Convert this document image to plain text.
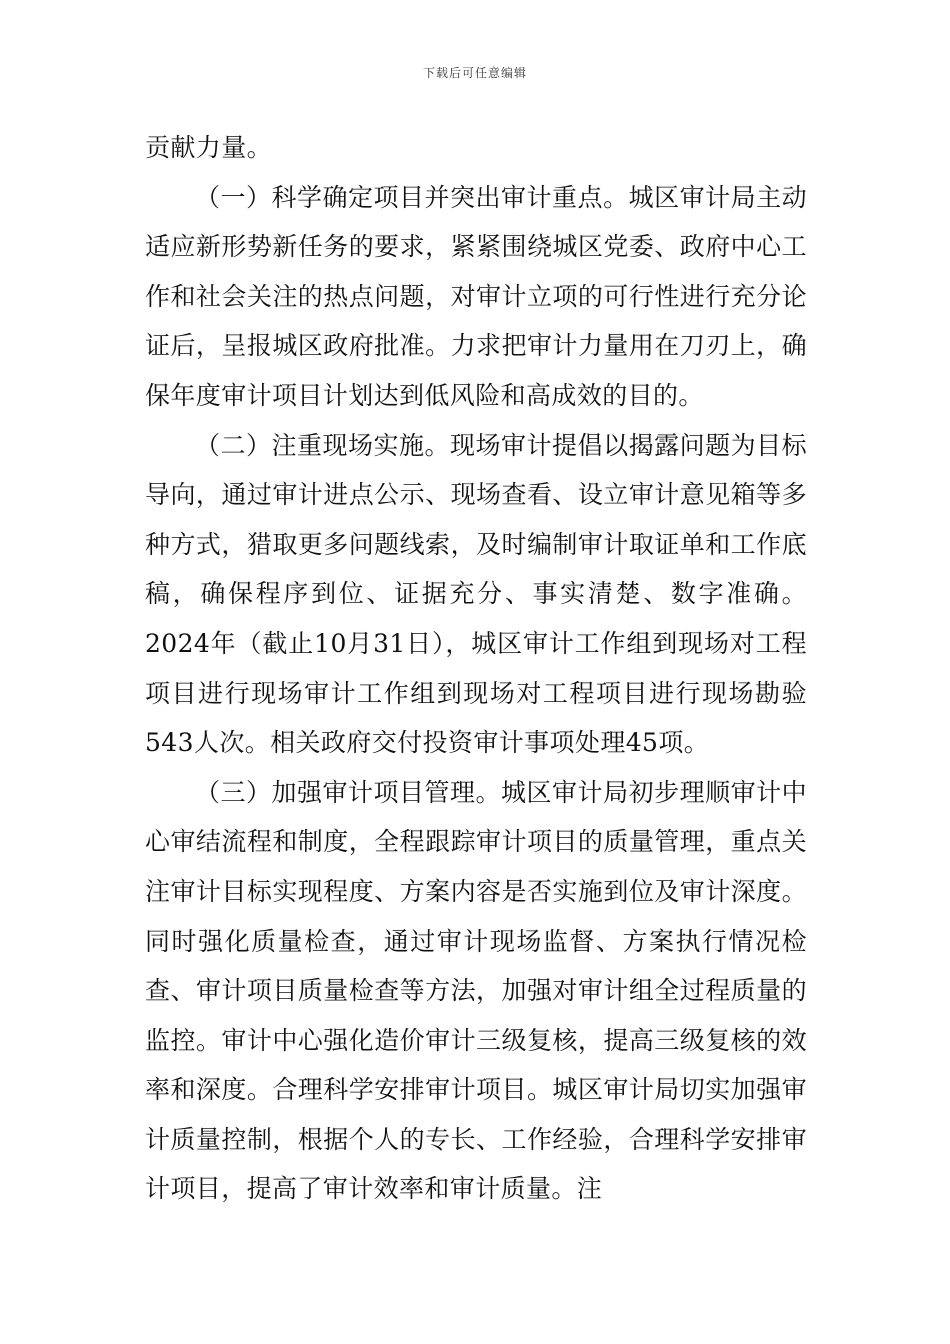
下载后可任意编辑

贡献力量。

（一）科学确定项目并突出审计重点。城区审计局主动适应新形势新任务的要求，紧紧围绕城区党委、政府中心工作和社会关注的热点问题，对审计立项的可行性进行充分论证后，呈报城区政府批准。力求把审计力量用在刀刃上，确保年度审计项目计划达到低风险和高成效的目的。

（二）注重现场实施。现场审计提倡以揭露问题为目标导向，通过审计进点公示、现场查看、设立审计意见箱等多种方式，猎取更多问题线索，及时编制审计取证单和工作底稿，确保程序到位、证据充分、事实清楚、数字准确。2024年（截止10月31日），城区审计工作组到现场对工程项目进行现场审计工作组到现场对工程项目进行现场勘验543人次。相关政府交付投资审计事项处理45项。

（三）加强审计项目管理。城区审计局初步理顺审计中心审结流程和制度，全程跟踪审计项目的质量管理，重点关注审计目标实现程度、方案内容是否实施到位及审计深度。同时强化质量检查，通过审计现场监督、方案执行情况检查、审计项目质量检查等方法，加强对审计组全过程质量的监控。审计中心强化造价审计三级复核，提高三级复核的效率和深度。合理科学安排审计项目。城区审计局切实加强审计质量控制，根据个人的专长、工作经验，合理科学安排审计项目，提高了审计效率和审计质量。注
